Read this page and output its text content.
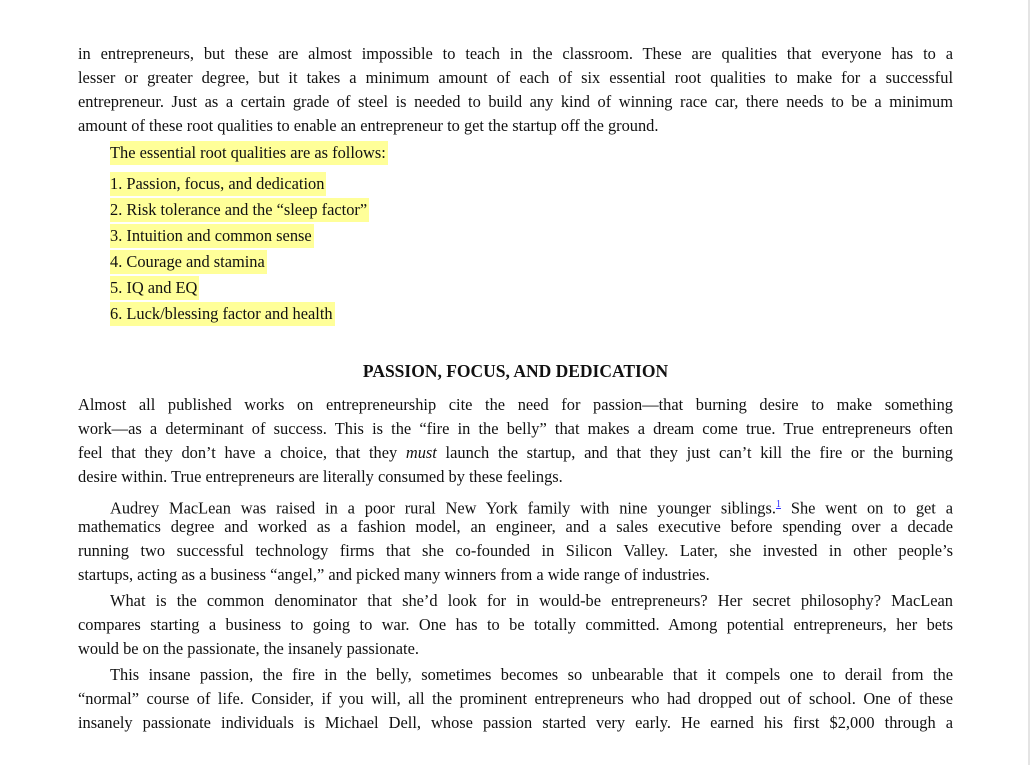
in entrepreneurs, but these are almost impossible to teach in the classroom. These are qualities that everyone has to a
lesser or greater degree, but it takes a minimum amount of each of six essential root qualities to make for a successful
entrepreneur. Just as a certain grade of steel is needed to build any kind of winning race car, there needs to be a minimum
amount of these root qualities to enable an entrepreneur to get the startup off the ground.
The essential root qualities are as follows:
1. Passion, focus, and dedication
2. Risk tolerance and the “sleep factor”
3. Intuition and common sense
4. Courage and stamina
5. IQ and EQ
6. Luck/blessing factor and health
PASSION, FOCUS, AND DEDICATION
Almost all published works on entrepreneurship cite the need for passion—that burning desire to make something
work—as a determinant of success. This is the “fire in the belly” that makes a dream come true. True entrepreneurs often
feel that they don’t have a choice, that they must launch the startup, and that they just can’t kill the fire or the burning
desire within. True entrepreneurs are literally consumed by these feelings.
Audrey MacLean was raised in a poor rural New York family with nine younger siblings.$^1$ She went on to get a
mathematics degree and worked as a fashion model, an engineer, and a sales executive before spending over a decade
running two successful technology firms that she co-founded in Silicon Valley. Later, she invested in other people’s
startups, acting as a business “angel,” and picked many winners from a wide range of industries.
What is the common denominator that she’d look for in would-be entrepreneurs? Her secret philosophy? MacLean
compares starting a business to going to war. One has to be totally committed. Among potential entrepreneurs, her bets
would be on the passionate, the insanely passionate.
This insane passion, the fire in the belly, sometimes becomes so unbearable that it compels one to derail from the
“normal” course of life. Consider, if you will, all the prominent entrepreneurs who had dropped out of school. One of these
insanely passionate individuals is Michael Dell, whose passion started very early. He earned his first $2,000 through a
